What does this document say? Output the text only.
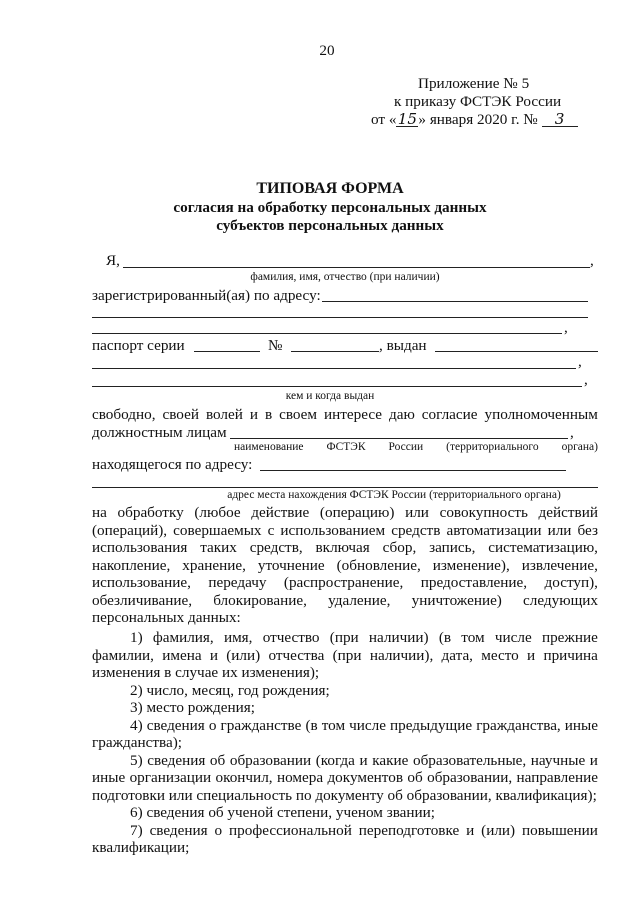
20
Приложение № 5
к приказу ФСТЭК России
от «15» января 2020 г. № 3
ТИПОВАЯ ФОРМА
согласия на обработку персональных данных
субъектов персональных данных
Я,	,
фамилия, имя, отчество (при наличии)
зарегистрированный(ая) по адресу:
,
паспорт серии	№	, выдан
,
,
кем и когда выдан
свободно, своей волей и в своем интересе даю согласие уполномоченным
должностным лицам	,
наименование ФСТЭК России (территориального органа)
находящегося по адресу:
адрес места нахождения ФСТЭК России (территориального органа)
на обработку (любое действие (операцию) или совокупность действий
(операций), совершаемых с использованием средств автоматизации или без
использования таких средств, включая сбор, запись, систематизацию,
накопление, хранение, уточнение (обновление, изменение), извлечение,
использование, передачу (распространение, предоставление, доступ),
обезличивание, блокирование, удаление, уничтожение) следующих
персональных данных:
1) фамилия, имя, отчество (при наличии) (в том числе прежние
фамилии, имена и (или) отчества (при наличии), дата, место и причина
изменения в случае их изменения);
2) число, месяц, год рождения;
3) место рождения;
4) сведения о гражданстве (в том числе предыдущие гражданства, иные
гражданства);
5) сведения об образовании (когда и какие образовательные, научные и
иные организации окончил, номера документов об образовании, направление
подготовки или специальность по документу об образовании, квалификация);
6) сведения об ученой степени, ученом звании;
7) сведения о профессиональной переподготовке и (или) повышении
квалификации;
